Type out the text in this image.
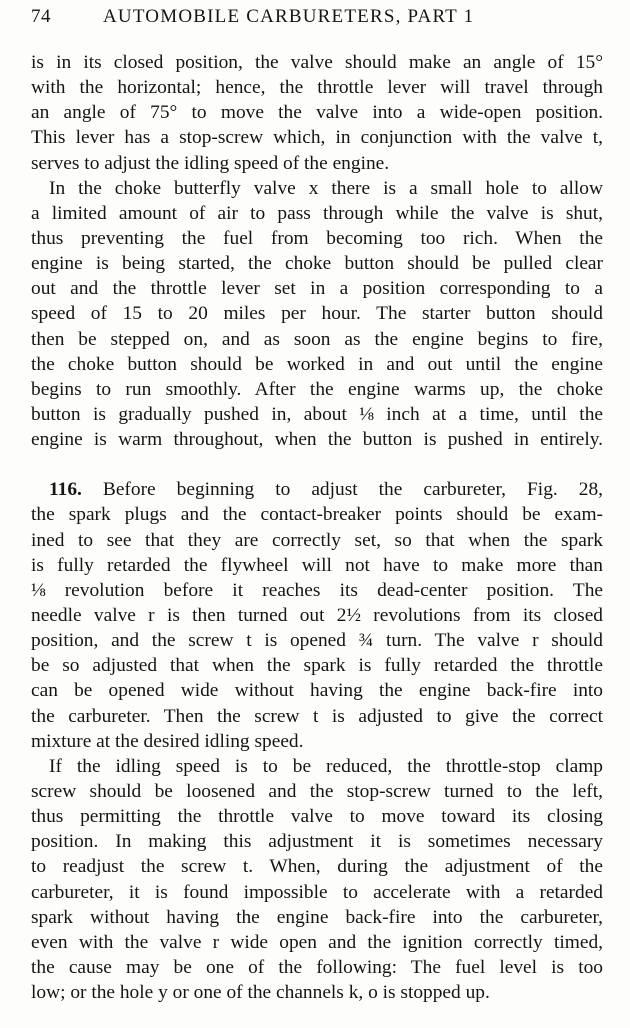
74	AUTOMOBILE CARBURETERS, PART 1
is in its closed position, the valve should make an angle of 15°
with the horizontal; hence, the throttle lever will travel through
an angle of 75° to move the valve into a wide-open position.
This lever has a stop-screw which, in conjunction with the valve t,
serves to adjust the idling speed of the engine.
In the choke butterfly valve x there is a small hole to allow
a limited amount of air to pass through while the valve is shut,
thus preventing the fuel from becoming too rich. When the
engine is being started, the choke button should be pulled clear
out and the throttle lever set in a position corresponding to a
speed of 15 to 20 miles per hour. The starter button should
then be stepped on, and as soon as the engine begins to fire,
the choke button should be worked in and out until the engine
begins to run smoothly. After the engine warms up, the choke
button is gradually pushed in, about ⅛ inch at a time, until the
engine is warm throughout, when the button is pushed in entirely.
116. Before beginning to adjust the carbureter, Fig. 28,
the spark plugs and the contact-breaker points should be exam-
ined to see that they are correctly set, so that when the spark
is fully retarded the flywheel will not have to make more than
⅛ revolution before it reaches its dead-center position. The
needle valve r is then turned out 2½ revolutions from its closed
position, and the screw t is opened ¾ turn. The valve r should
be so adjusted that when the spark is fully retarded the throttle
can be opened wide without having the engine back-fire into
the carbureter. Then the screw t is adjusted to give the correct
mixture at the desired idling speed.
If the idling speed is to be reduced, the throttle-stop clamp
screw should be loosened and the stop-screw turned to the left,
thus permitting the throttle valve to move toward its closing
position. In making this adjustment it is sometimes necessary
to readjust the screw t. When, during the adjustment of the
carbureter, it is found impossible to accelerate with a retarded
spark without having the engine back-fire into the carbureter,
even with the valve r wide open and the ignition correctly timed,
the cause may be one of the following: The fuel level is too
low; or the hole y or one of the channels k, o is stopped up.
